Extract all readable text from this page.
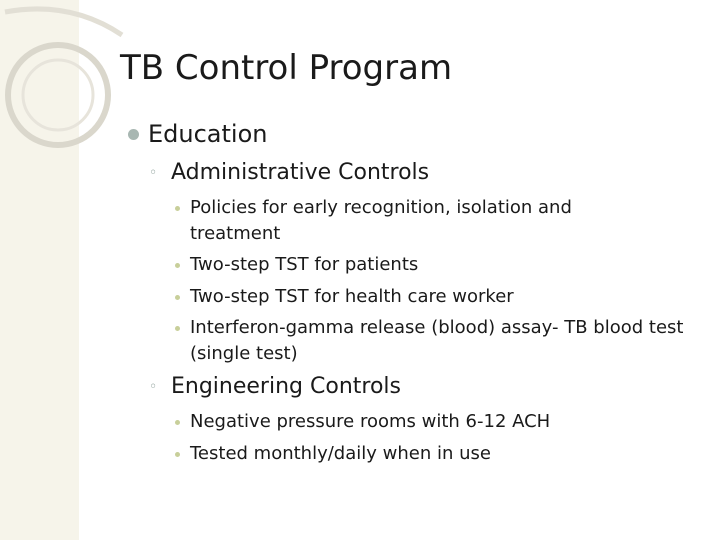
TB Control Program
Education
◦ Administrative Controls
Policies for early recognition, isolation and treatment
Two-step TST for patients
Two-step TST for health care worker
Interferon-gamma release (blood) assay- TB blood test (single test)
◦ Engineering Controls
Negative pressure rooms with 6-12 ACH
Tested monthly/daily when in use
